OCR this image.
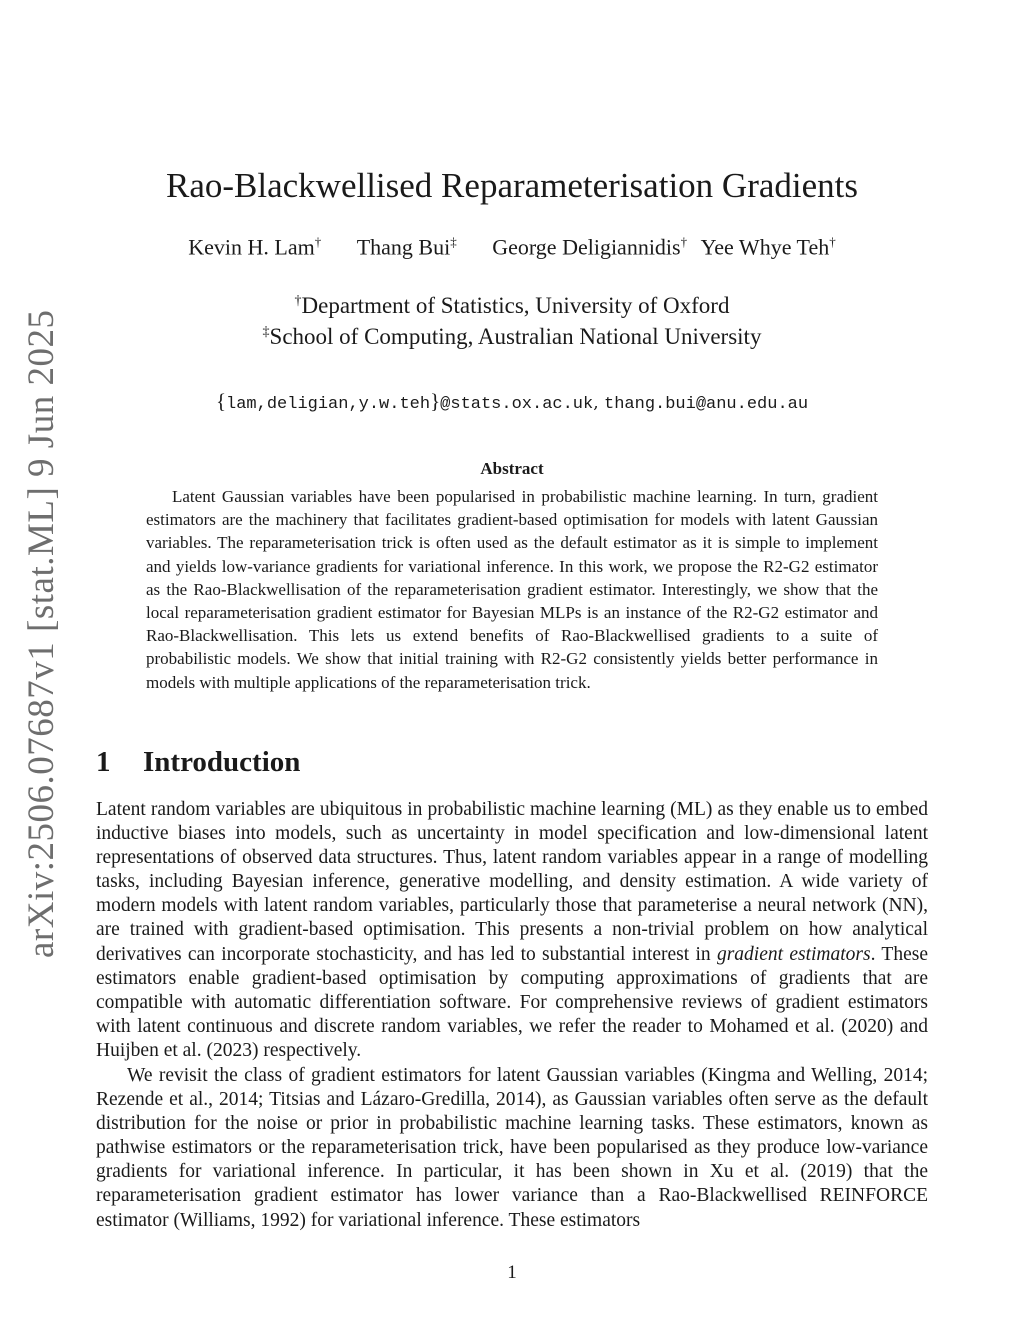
arXiv:2506.07687v1 [stat.ML] 9 Jun 2025
Rao-Blackwellised Reparameterisation Gradients
Kevin H. Lam† Thang Bui‡ George Deligiannidis† Yee Whye Teh†
†Department of Statistics, University of Oxford
‡School of Computing, Australian National University
{lam,deligian,y.w.teh}@stats.ox.ac.uk, thang.bui@anu.edu.au
Abstract

Latent Gaussian variables have been popularised in probabilistic machine learning. In turn, gradient estimators are the machinery that facilitates gradient-based optimisation for models with latent Gaussian variables. The reparameterisation trick is often used as the default estimator as it is simple to implement and yields low-variance gradients for variational inference. In this work, we propose the R2-G2 estimator as the Rao-Blackwellisation of the reparameterisation gradient estimator. Interestingly, we show that the local reparameterisation gradient estimator for Bayesian MLPs is an instance of the R2-G2 estimator and Rao-Blackwellisation. This lets us extend benefits of Rao-Blackwellised gradients to a suite of probabilistic models. We show that initial training with R2-G2 consistently yields better performance in models with multiple applications of the reparameterisation trick.

1 Introduction

Latent random variables are ubiquitous in probabilistic machine learning (ML) as they enable us to embed inductive biases into models, such as uncertainty in model specification and low-dimensional latent representations of observed data structures. Thus, latent random variables appear in a range of modelling tasks, including Bayesian inference, generative modelling, and density estimation. A wide variety of modern models with latent random variables, particularly those that parameterise a neural network (NN), are trained with gradient-based optimisation. This presents a non-trivial problem on how analytical derivatives can incorporate stochasticity, and has led to substantial interest in gradient estimators. These estimators enable gradient-based optimisation by computing approximations of gradients that are compatible with automatic differentiation software. For comprehensive reviews of gradient estimators with latent continuous and discrete random variables, we refer the reader to Mohamed et al. (2020) and Huijben et al. (2023) respectively.

We revisit the class of gradient estimators for latent Gaussian variables (Kingma and Welling, 2014; Rezende et al., 2014; Titsias and Lázaro-Gredilla, 2014), as Gaussian variables often serve as the default distribution for the noise or prior in probabilistic machine learning tasks. These estimators, known as pathwise estimators or the reparameterisation trick, have been popularised as they produce low-variance gradients for variational inference. In particular, it has been shown in Xu et al. (2019) that the reparameterisation gradient estimator has lower variance than a Rao-Blackwellised REINFORCE estimator (Williams, 1992) for variational inference. These estimators

1
